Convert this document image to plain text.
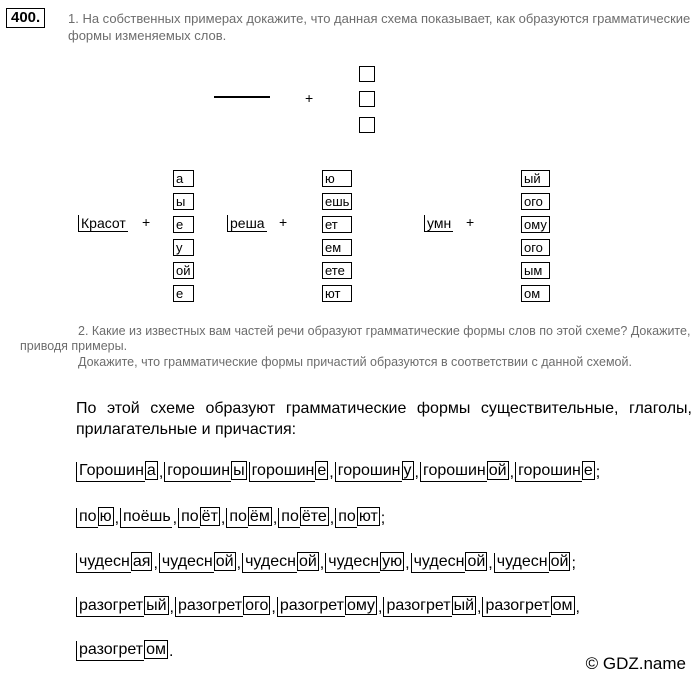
400.	1. На собственных примерах докажите, что данная схема показывает, как образуются грамматические формы изменяемых слов.
+
Красот +
а
ы
е
у
ой
е
реша +
ю
ешь
ет
ем
ете
ют
умн +
ый
ого
ому
ого
ым
ом
2. Какие из известных вам частей речи образуют грамматические формы слов по этой схеме? Докажите, приводя примеры.
Докажите, что грамматические формы причастий образуются в соответствии с данной схемой.
По этой схеме образуют грамматические формы существительные, глаголы, прилагательные и причастия:
Горошин а , горошин ы горошин е , горошин у , горошин ой , горошин е ;
по ю , поёшь , по ёт , по ём , по ёте , по ют ;
чудесн ая , чудесн ой , чудесн ой , чудесн ую , чудесн ой , чудесн ой ;
разогрет ый , разогрет ого , разогрет ому , разогрет ый , разогрет ом ,
разогрет ом .
© GDZ.name
